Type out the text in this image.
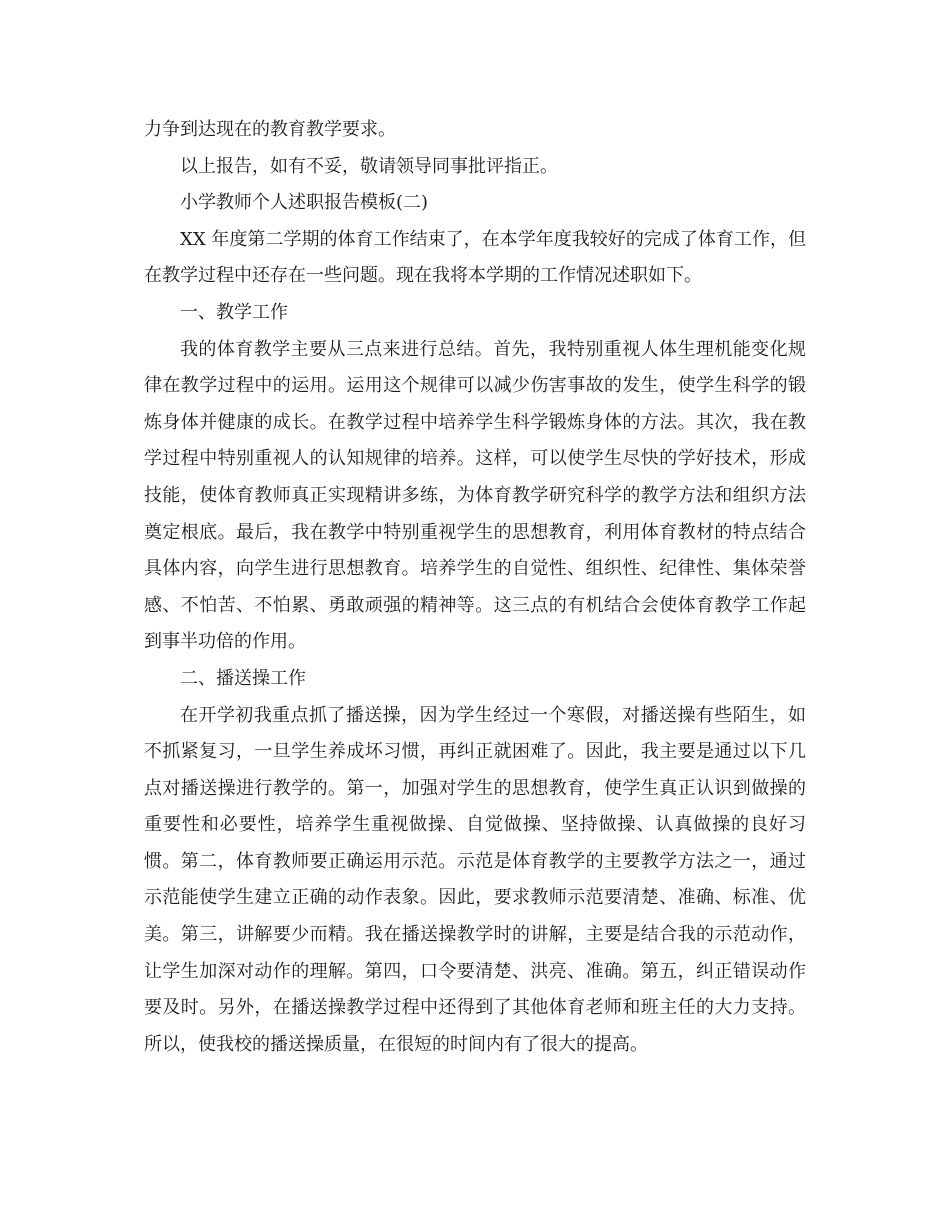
力争到达现在的教育教学要求。

以上报告，如有不妥，敬请领导同事批评指正。

小学教师个人述职报告模板(二)

XX 年度第二学期的体育工作结束了，在本学年度我较好的完成了体育工作，但在教学过程中还存在一些问题。现在我将本学期的工作情况述职如下。

一、教学工作

我的体育教学主要从三点来进行总结。首先，我特别重视人体生理机能变化规律在教学过程中的运用。运用这个规律可以减少伤害事故的发生，使学生科学的锻炼身体并健康的成长。在教学过程中培养学生科学锻炼身体的方法。其次，我在教学过程中特别重视人的认知规律的培养。这样，可以使学生尽快的学好技术，形成技能，使体育教师真正实现精讲多练，为体育教学研究科学的教学方法和组织方法奠定根底。最后，我在教学中特别重视学生的思想教育，利用体育教材的特点结合具体内容，向学生进行思想教育。培养学生的自觉性、组织性、纪律性、集体荣誉感、不怕苦、不怕累、勇敢顽强的精神等。这三点的有机结合会使体育教学工作起到事半功倍的作用。

二、播送操工作

在开学初我重点抓了播送操，因为学生经过一个寒假，对播送操有些陌生，如不抓紧复习，一旦学生养成坏习惯，再纠正就困难了。因此，我主要是通过以下几点对播送操进行教学的。第一，加强对学生的思想教育，使学生真正认识到做操的重要性和必要性，培养学生重视做操、自觉做操、坚持做操、认真做操的良好习惯。第二，体育教师要正确运用示范。示范是体育教学的主要教学方法之一，通过示范能使学生建立正确的动作表象。因此，要求教师示范要清楚、准确、标准、优美。第三，讲解要少而精。我在播送操教学时的讲解，主要是结合我的示范动作，让学生加深对动作的理解。第四，口令要清楚、洪亮、准确。第五，纠正错误动作要及时。另外，在播送操教学过程中还得到了其他体育老师和班主任的大力支持。所以，使我校的播送操质量，在很短的时间内有了很大的提高。
